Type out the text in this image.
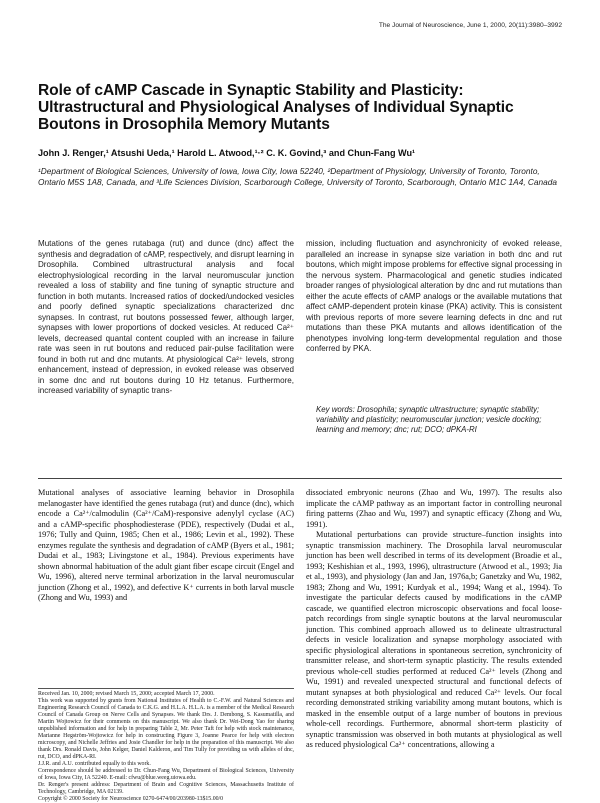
The Journal of Neuroscience, June 1, 2000, 20(11):3980–3992
Role of cAMP Cascade in Synaptic Stability and Plasticity: Ultrastructural and Physiological Analyses of Individual Synaptic Boutons in Drosophila Memory Mutants
John J. Renger,¹ Atsushi Ueda,¹ Harold L. Atwood,¹·² C. K. Govind,³ and Chun-Fang Wu¹
¹Department of Biological Sciences, University of Iowa, Iowa City, Iowa 52240, ²Department of Physiology, University of Toronto, Toronto, Ontario M5S 1A8, Canada, and ³Life Sciences Division, Scarborough College, University of Toronto, Scarborough, Ontario M1C 1A4, Canada

Mutations of the genes rutabaga (rut) and dunce (dnc) affect the synthesis and degradation of cAMP, respectively, and disrupt learning in Drosophila. Combined ultrastructural analysis and focal electrophysiological recording in the larval neuromuscular junction revealed a loss of stability and fine tuning of synaptic structure and function in both mutants. Increased ratios of docked/undocked vesicles and poorly defined synaptic specializations characterized dnc synapses. In contrast, rut boutons possessed fewer, although larger, synapses with lower proportions of docked vesicles. At reduced Ca²⁺ levels, decreased quantal content coupled with an increase in failure rate was seen in rut boutons and reduced pair-pulse facilitation were found in both rut and dnc mutants. At physiological Ca²⁺ levels, strong enhancement, instead of depression, in evoked release was observed in some dnc and rut boutons during 10 Hz tetanus. Furthermore, increased variability of synaptic trans-

mission, including fluctuation and asynchronicity of evoked release, paralleled an increase in synapse size variation in both dnc and rut boutons, which might impose problems for effective signal processing in the nervous system. Pharmacological and genetic studies indicated broader ranges of physiological alteration by dnc and rut mutations than either the acute effects of cAMP analogs or the available mutations that affect cAMP-dependent protein kinase (PKA) activity. This is consistent with previous reports of more severe learning defects in dnc and rut mutations than these PKA mutants and allows identification of the phenotypes involving long-term developmental regulation and those conferred by PKA.

Key words: Drosophila; synaptic ultrastructure; synaptic stability; variability and plasticity; neuromuscular junction; vesicle docking; learning and memory; dnc; rut; DCO; dPKA-RI

Mutational analyses of associative learning behavior in Drosophila melanogaster have identified the genes rutabaga (rut) and dunce (dnc), which encode a Ca²⁺/calmodulin (Ca²⁺/CaM)-responsive adenylyl cyclase (AC) and a cAMP-specific phosphodiesterase (PDE), respectively (Dudai et al., 1976; Tully and Quinn, 1985; Chen et al., 1986; Levin et al., 1992). These enzymes regulate the synthesis and degradation of cAMP (Byers et al., 1981; Dudai et al., 1983; Livingstone et al., 1984). Previous experiments have shown abnormal habituation of the adult giant fiber escape circuit (Engel and Wu, 1996), altered nerve terminal arborization in the larval neuromuscular junction (Zhong et al., 1992), and defective K⁺ currents in both larval muscle (Zhong and Wu, 1993) and

Received Jan. 10, 2000; revised March 15, 2000; accepted March 17, 2000.

This work was supported by grants from National Institutes of Health to C.-F.W. and Natural Sciences and Engineering Research Council of Canada to C.K.G. and H.L.A. H.L.A. is a member of the Medical Research Council of Canada Group on Nerve Cells and Synapses. We thank Drs. J. Dembong, S. Kasumatilla, and Martin Wojtowicz for their comments on this manuscript. We also thank Dr. Wei-Dong Yao for sharing unpublished information and for help in preparing Table 2, Mr. Peter Taft for help with stock maintenance, Marianne Hegström-Wojtowicz for help in constructing Figure 3, Joanne Pearce for help with electron microscopy, and Nichelle Jeffries and Josie Chandler for help in the preparation of this manuscript. We also thank Drs. Ronald Davis, John Kelger, Daniel Kalderon, and Tim Tully for providing us with alleles of dnc, rut, DCO, and dPKA-RI.

J.J.R. and A.U. contributed equally to this work.

Correspondence should be addressed to Dr. Chun-Fang Wu, Department of Biological Sciences, University of Iowa, Iowa City, IA 52240. E-mail: cfwu@blue.weeg.uiowa.edu.

Dr. Renger's present address: Department of Brain and Cognitive Sciences, Massachusetts Institute of Technology, Cambridge, MA 02139.

Copyright © 2000 Society for Neuroscience 0270-6474/00/203980-13$15.00/0

dissociated embryonic neurons (Zhao and Wu, 1997). The results also implicate the cAMP pathway as an important factor in controlling neuronal firing patterns (Zhao and Wu, 1997) and synaptic efficacy (Zhong and Wu, 1991).

Mutational perturbations can provide structure–function insights into synaptic transmission machinery. The Drosophila larval neuromuscular junction has been well described in terms of its development (Broadie et al., 1993; Keshishian et al., 1993, 1996), ultrastructure (Atwood et al., 1993; Jia et al., 1993), and physiology (Jan and Jan, 1976a,b; Ganetzky and Wu, 1982, 1983; Zhong and Wu, 1991; Kurdyak et al., 1994; Wang et al., 1994). To investigate the particular defects caused by modifications in the cAMP cascade, we quantified electron microscopic observations and focal loose-patch recordings from single synaptic boutons at the larval neuromuscular junction. This combined approach allowed us to delineate ultrastructural defects in vesicle localization and synapse morphology associated with specific physiological alterations in spontaneous secretion, synchronicity of transmitter release, and short-term synaptic plasticity. The results extended previous whole-cell studies performed at reduced Ca²⁺ levels (Zhong and Wu, 1991) and revealed unexpected structural and functional defects of mutant synapses at both physiological and reduced Ca²⁺ levels. Our focal recording demonstrated striking variability among mutant boutons, which is masked in the ensemble output of a large number of boutons in previous whole-cell recordings. Furthermore, abnormal short-term plasticity of synaptic transmission was observed in both mutants at physiological as well as reduced physiological Ca²⁺ concentrations, allowing a
